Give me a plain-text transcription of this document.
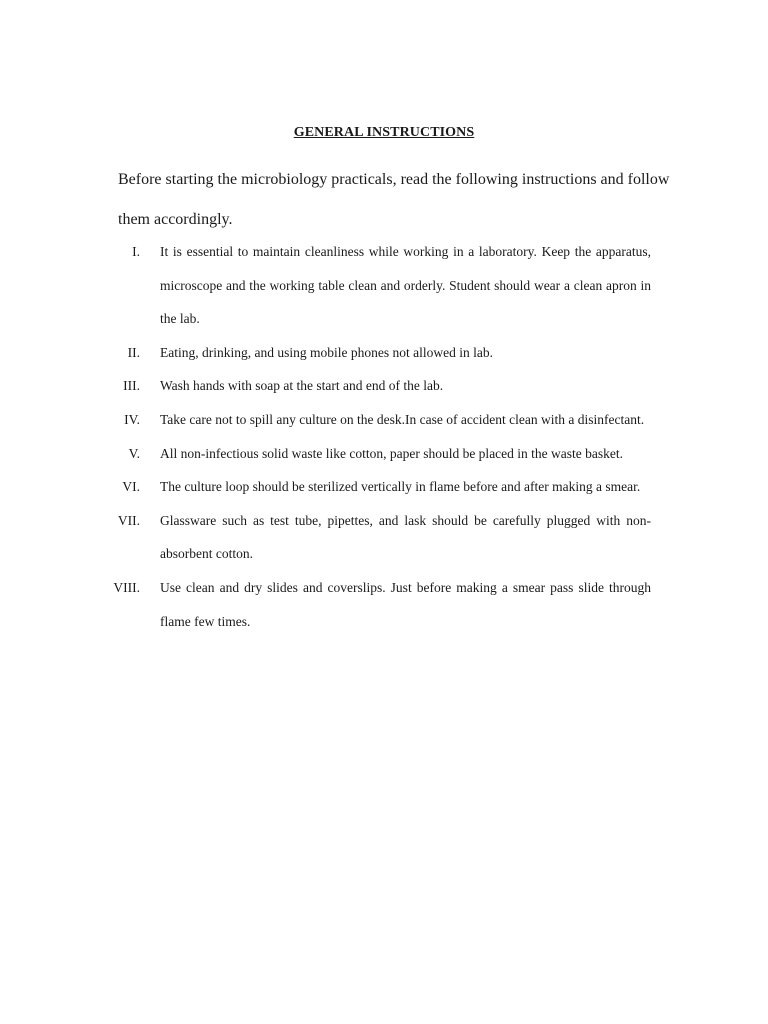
GENERAL INSTRUCTIONS
Before starting the microbiology practicals, read the following instructions and follow them accordingly.
I. It is essential to maintain cleanliness while working in a laboratory. Keep the apparatus, microscope and the working table clean and orderly. Student should wear a clean apron in the lab.
II. Eating, drinking, and using mobile phones not allowed in lab.
III. Wash hands with soap at the start and end of the lab.
IV. Take care not to spill any culture on the desk.In case of accident clean with a disinfectant.
V. All non-infectious solid waste like cotton, paper should be placed in the waste basket.
VI. The culture loop should be sterilized vertically in flame before and after making a smear.
VII. Glassware such as test tube, pipettes, and lask should be carefully plugged with non-absorbent cotton.
VIII. Use clean and dry slides and coverslips. Just before making a smear pass slide through flame few times.
